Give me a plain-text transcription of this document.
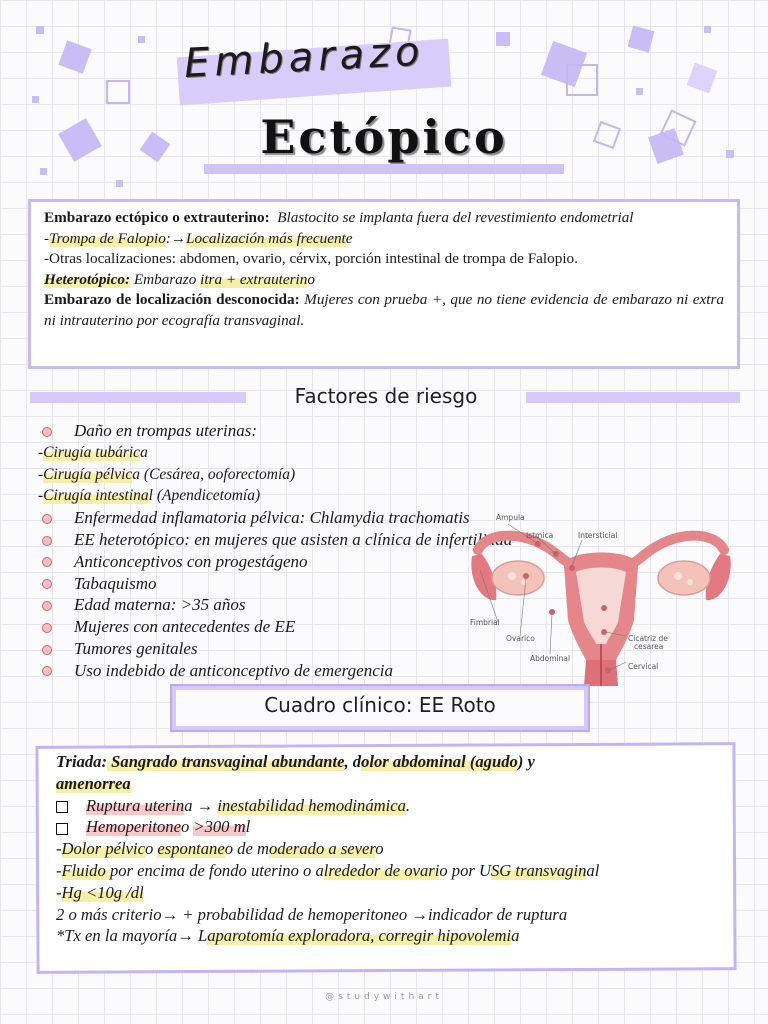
Embarazo
Ectópico

Embarazo ectópico o extrauterino: Blastocito se implanta fuera del revestimiento endometrial

-Trompa de Falopio:→Localización más frecuente

-Otras localizaciones: abdomen, ovario, cérvix, porción intestinal de trompa de Falopio.

Heterotópico: Embarazo itra + extrauterino

Embarazo de localización desconocida: Mujeres con prueba +, que no tiene evidencia de embarazo ni extra ni intrauterino por ecografía transvaginal.

Factores de riesgo
Daño en trompas uterinas:
-Cirugía tubárica
-Cirugía pélvica (Cesárea, ooforectomía)
-Cirugía intestinal (Apendicetomía)
Enfermedad inflamatoria pélvica: Chlamydia trachomatis
EE heterotópico: en mujeres que asisten a clínica de infertilidad
Anticonceptivos con progestágeno
Tabaquismo
Edad materna: >35 años
Mujeres con antecedentes de EE
Tumores genitales
Uso indebido de anticonceptivo de emergencia
Ampula
Istmica	Intersticial
Fimbrial
Ovarico
Abdominal
Cicatriz de
cesarea
Cervical
Cuadro clínico: EE Roto

Triada: Sangrado transvaginal abundante, dolor abdominal (agudo) y

amenorrea

Ruptura uterina → inestabilidad hemodinámica.

Hemoperitoneo >300 ml

-Dolor pélvico espontaneo de moderado a severo

-Fluido por encima de fondo uterino o alrededor de ovario por USG transvaginal

-Hg <10g /dl

2 o más criterio→ + probabilidad de hemoperitoneo →indicador de ruptura

*Tx en la mayoría→ Laparotomía exploradora, corregir hipovolemia

@studywithart
